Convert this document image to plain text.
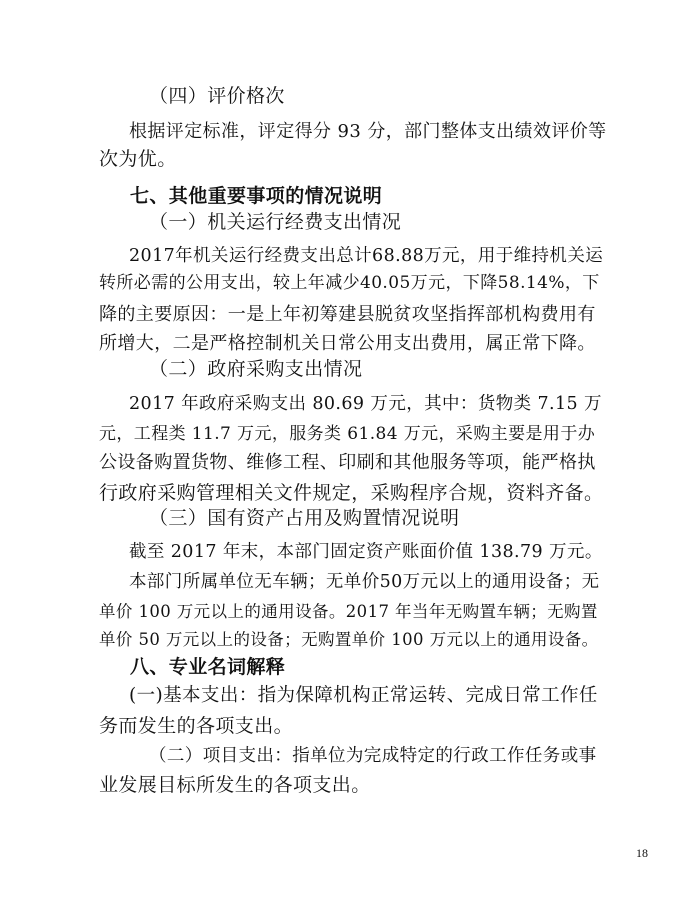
（四）评价格次
根据评定标准，评定得分 93 分，部门整体支出绩效评价等
次为优。
七、其他重要事项的情况说明
（一）机关运行经费支出情况
2017年机关运行经费支出总计68.88万元，用于维持机关运
转所必需的公用支出，较上年减少40.05万元，下降58.14%，下
降的主要原因：一是上年初筹建县脱贫攻坚指挥部机构费用有
所增大，二是严格控制机关日常公用支出费用，属正常下降。
（二）政府采购支出情况
2017 年政府采购支出 80.69 万元，其中：货物类 7.15 万
元，工程类 11.7 万元，服务类 61.84 万元，采购主要是用于办
公设备购置货物、维修工程、印刷和其他服务等项，能严格执
行政府采购管理相关文件规定，采购程序合规，资料齐备。
（三）国有资产占用及购置情况说明
截至 2017 年末，本部门固定资产账面价值 138.79 万元。
本部门所属单位无车辆；无单价50万元以上的通用设备；无
单价 100 万元以上的通用设备。2017 年当年无购置车辆；无购置
单价 50 万元以上的设备；无购置单价 100 万元以上的通用设备。
八、专业名词解释
(一)基本支出：指为保障机构正常运转、完成日常工作任
务而发生的各项支出。
（二）项目支出：指单位为完成特定的行政工作任务或事
业发展目标所发生的各项支出。
18
